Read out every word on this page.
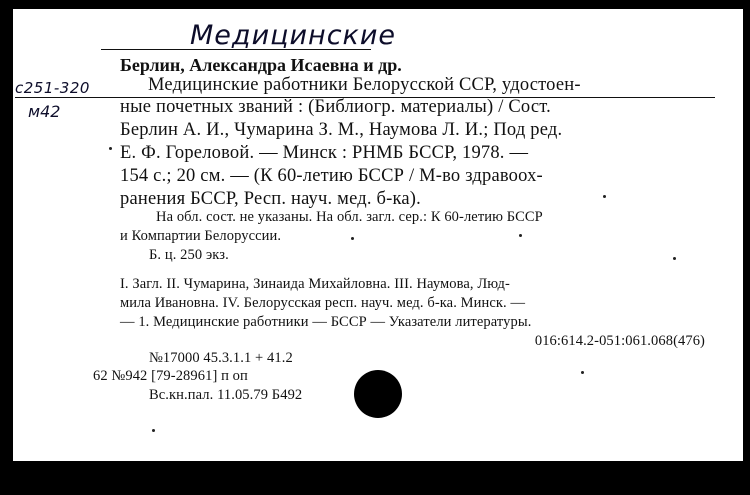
Медицинские
с251-320
м42
Берлин, Александра Исаевна и др.
Медицинские работники Белорусской ССР, удостоен-
ные почетных званий : (Библиогр. материалы) / Сост.
Берлин А. И., Чумарина З. М., Наумова Л. И.; Под ред.
Е. Ф. Гореловой. — Минск : РНМБ БССР, 1978. —
154 с.; 20 см. — (К 60-летию БССР / М-во здравоох-
ранения БССР, Респ. науч. мед. б-ка).
На обл. сост. не указаны. На обл. загл. сер.: К 60-летию БССР
и Компартии Белоруссии.
Б. ц. 250 экз.
I. Загл. II. Чумарина, Зинаида Михайловна. III. Наумова, Люд-
мила Ивановна. IV. Белорусская респ. науч. мед. б-ка. Минск. —
— 1. Медицинские работники — БССР — Указатели литературы.
016:614.2-051:061.068(476)
№17000 45.3.1.1 + 41.2
62 №942 [79-28961] п оп
Вс.кн.пал. 11.05.79 Б492
